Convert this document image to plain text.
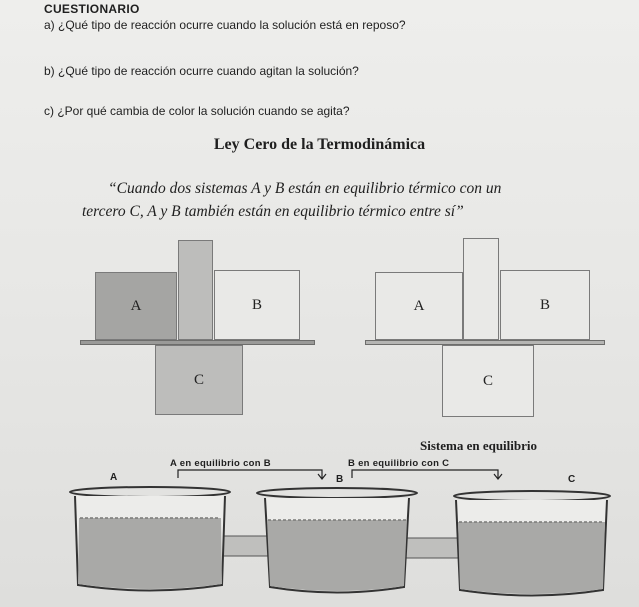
CUESTIONARIO
a) ¿Qué tipo de reacción ocurre cuando la solución está en reposo?
b) ¿Qué tipo de reacción ocurre cuando agitan la solución?
c) ¿Por qué cambia de color la solución cuando se agita?
Ley Cero de la Termodinámica
“Cuando dos sistemas A y B están en equilibrio térmico con un
tercero C, A y B también están en equilibrio térmico entre sí”
A	B
C
A	B
C
Sistema en equilibrio
A en equilibrio con B	B en equilibrio con C
A	B	C
